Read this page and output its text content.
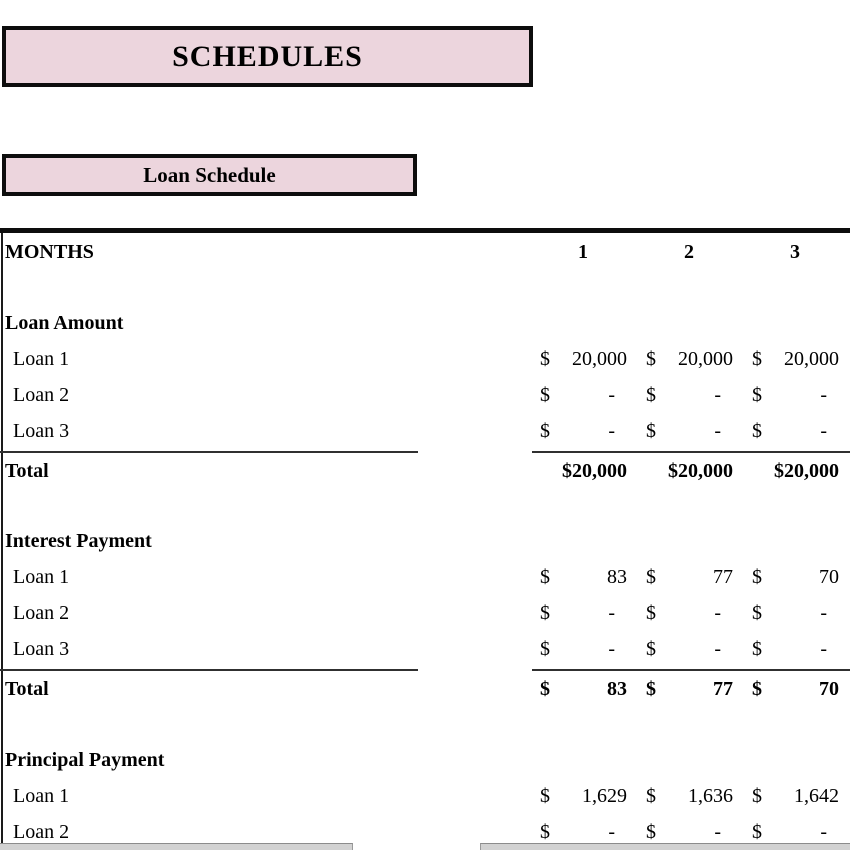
SCHEDULES
Loan Schedule
MONTHS	1	2	3
Loan Amount
Loan 1	$ 20,000 $ 20,000 $ 20,000
Loan 2	$	-	$	-	$	-
Loan 3	$	-	$	-	$	-
Total	$20,000 $20,000 $20,000
Interest Payment
Loan 1	$	83 $	77 $	70
Loan 2	$	-	$	-	$	-
Loan 3	$	-	$	-	$	-
Total	$	83 $	77 $	70
Principal Payment
Loan 1	$ 1,629 $ 1,636 $ 1,642
Loan 2	$	-	$	-	$	-
